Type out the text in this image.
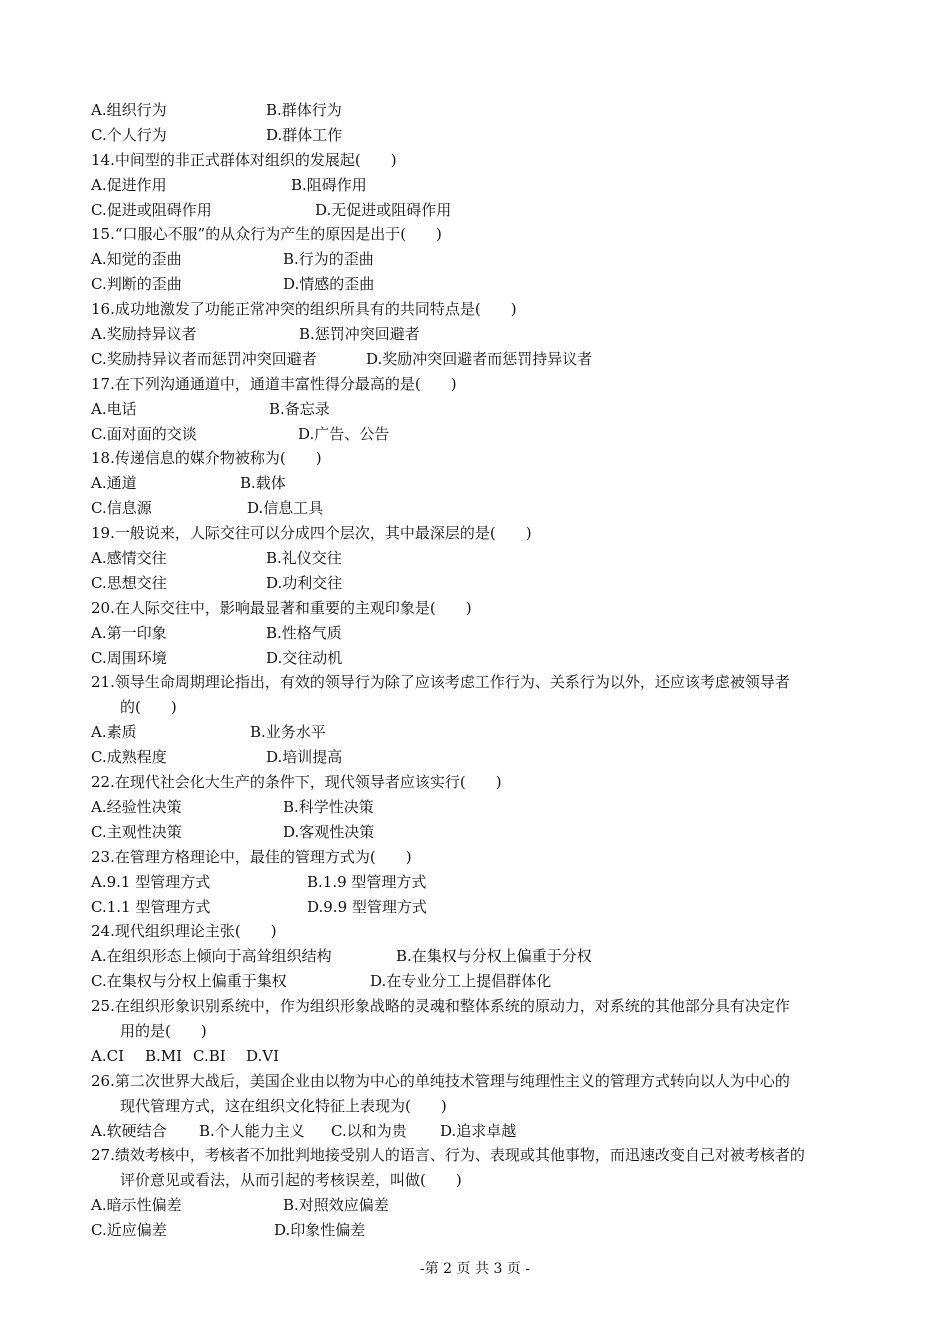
A.组织行为	B.群体行为
C.个人行为	D.群体工作
14.中间型的非正式群体对组织的发展起(　　)
A.促进作用	B.阻碍作用
C.促进或阻碍作用	D.无促进或阻碍作用
15.“口服心不服”的从众行为产生的原因是出于(　　)
A.知觉的歪曲	B.行为的歪曲
C.判断的歪曲	D.情感的歪曲
16.成功地激发了功能正常冲突的组织所具有的共同特点是(　　)
A.奖励持异议者	B.惩罚冲突回避者
C.奖励持异议者而惩罚冲突回避者	D.奖励冲突回避者而惩罚持异议者
17.在下列沟通通道中，通道丰富性得分最高的是(　　)
A.电话	B.备忘录
C.面对面的交谈	D.广告、公告
18.传递信息的媒介物被称为(　　)
A.通道	B.载体
C.信息源	D.信息工具
19.一般说来，人际交往可以分成四个层次，其中最深层的是(　　)
A.感情交往	B.礼仪交往
C.思想交往	D.功利交往
20.在人际交往中，影响最显著和重要的主观印象是(　　)
A.第一印象	B.性格气质
C.周围环境	D.交往动机
21.领导生命周期理论指出，有效的领导行为除了应该考虑工作行为、关系行为以外，还应该考虑被领导者
的(　　)
A.素质	B.业务水平
C.成熟程度	D.培训提高
22.在现代社会化大生产的条件下，现代领导者应该实行(　　)
A.经验性决策	B.科学性决策
C.主观性决策	D.客观性决策
23.在管理方格理论中，最佳的管理方式为(　　)
A.9.1 型管理方式	B.1.9 型管理方式
C.1.1 型管理方式	D.9.9 型管理方式
24.现代组织理论主张(　　)
A.在组织形态上倾向于高耸组织结构	B.在集权与分权上偏重于分权
C.在集权与分权上偏重于集权	D.在专业分工上提倡群体化
25.在组织形象识别系统中，作为组织形象战略的灵魂和整体系统的原动力，对系统的其他部分具有决定作
用的是(　　)
A.CI B.MI C.BI D.VI
26.第二次世界大战后，美国企业由以物为中心的单纯技术管理与纯理性主义的管理方式转向以人为中心的
现代管理方式，这在组织文化特征上表现为(　　)
A.软硬结合 B.个人能力主义 C.以和为贵 D.追求卓越
27.绩效考核中，考核者不加批判地接受别人的语言、行为、表现或其他事物，而迅速改变自己对被考核者的
评价意见或看法，从而引起的考核误差，叫做(　　)
A.暗示性偏差	B.对照效应偏差
C.近应偏差	D.印象性偏差
-第 2 页 共 3 页 -
